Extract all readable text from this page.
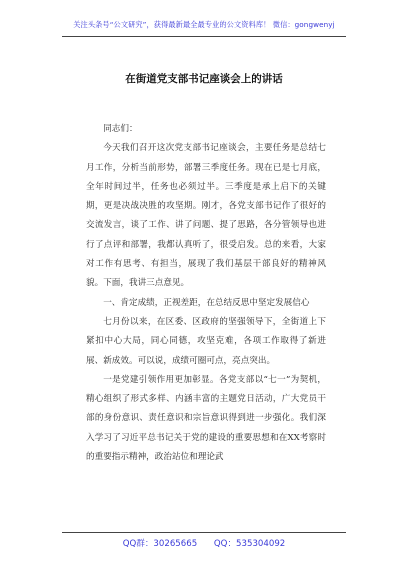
关注头条号“公文研究”，获得最新最全最专业的公文资料库！ 微信：gongwenyj
在街道党支部书记座谈会上的讲话

同志们：

今天我们召开这次党支部书记座谈会，主要任务是总结七月工作，分析当前形势，部署三季度任务。现在已是七月底，全年时间过半，任务也必须过半。三季度是承上启下的关键期，更是决战决胜的攻坚期。刚才，各党支部书记作了很好的交流发言，谈了工作、讲了问题、提了思路，各分管领导也进行了点评和部署，我都认真听了，很受启发。总的来看，大家对工作有思考、有担当，展现了我们基层干部良好的精神风貌。下面，我讲三点意见。

一、肯定成绩，正视差距，在总结反思中坚定发展信心

七月份以来，在区委、区政府的坚强领导下，全街道上下紧扣中心大局，同心同德，攻坚克难，各项工作取得了新进展、新成效。可以说，成绩可圈可点，亮点突出。

一是党建引领作用更加彰显。各党支部以“七一”为契机，精心组织了形式多样、内涵丰富的主题党日活动，广大党员干部的身份意识、责任意识和宗旨意识得到进一步强化。我们深入学习了习近平总书记关于党的建设的重要思想和在XX考察时的重要指示精神，政治站位和理论武

QQ群：30265665 QQ：535304092
